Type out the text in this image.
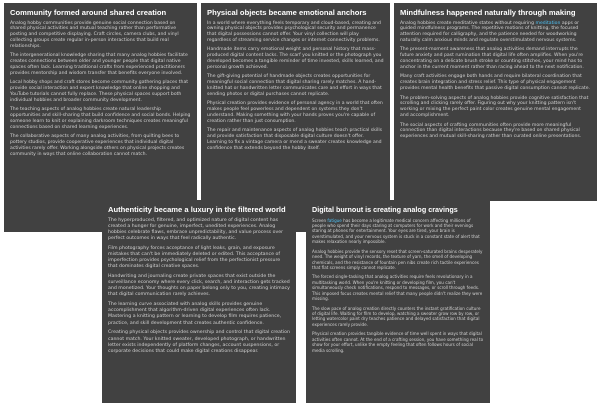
Community formed around shared creation

Analog hobby communities provide genuine social connection based on shared physical activities and mutual teaching rather than performative posting and competitive displaying. Craft circles, camera clubs, and vinyl collecting groups create regular in-person interactions that build real relationships.

The intergenerational knowledge sharing that many analog hobbies facilitate creates connections between older and younger people that digital native spaces often lack. Learning traditional crafts from experienced practitioners provides mentorship and wisdom transfer that benefits everyone involved.

Local hobby shops and craft stores become community gathering places that provide social interaction and expert knowledge that online shopping and YouTube tutorials cannot fully replace. These physical spaces support both individual hobbies and broader community development.

The teaching aspects of analog hobbies create natural leadership opportunities and skill-sharing that build confidence and social bonds. Helping someone learn to knit or explaining darkroom techniques creates meaningful connections based on shared learning experiences.

The collaborative aspects of many analog activities, from quilting bees to pottery studios, provide cooperative experiences that individual digital activities rarely offer. Working alongside others on physical projects creates community in ways that online collaboration cannot match.

Physical objects became emotional anchors

In a world where everything feels temporary and cloud-based, creating and owning physical objects provides psychological security and permanence that digital possessions cannot offer. Your vinyl collection will play regardless of streaming service changes or internet connectivity problems.

Handmade items carry emotional weight and personal history that mass-produced digital content lacks. The scarf you knitted or the photograph you developed becomes a tangible reminder of time invested, skills learned, and personal growth achieved.

The gift-giving potential of handmade objects creates opportunities for meaningful social connection that digital sharing rarely matches. A hand-knitted hat or handwritten letter communicates care and effort in ways that sending photos or digital purchases cannot replicate.

Physical creation provides evidence of personal agency in a world that often makes people feel powerless and dependent on systems they don't understand. Making something with your hands proves you're capable of creation rather than just consumption.

The repair and maintenance aspects of analog hobbies teach practical skills and provide satisfaction that disposable digital culture doesn't offer. Learning to fix a vintage camera or mend a sweater creates knowledge and confidence that extends beyond the hobby itself.

Mindfulness happened naturally through making

Analog hobbies create meditative states without requiring meditation apps or guided mindfulness programs. The repetitive motions of knitting, the focused attention required for calligraphy, and the patience needed for woodworking naturally calm anxious minds and regulate overstimulated nervous systems.

The present-moment awareness that analog activities demand interrupts the future anxiety and past rumination that digital life often amplifies. When you're concentrating on a delicate brush stroke or counting stitches, your mind has to anchor in the current moment rather than racing ahead to the next notification.

Many craft activities engage both hands and require bilateral coordination that creates brain integration and stress relief. This type of physical engagement provides mental health benefits that passive digital consumption cannot replicate.

The problem-solving aspects of analog hobbies provide cognitive satisfaction that scrolling and clicking rarely offer. Figuring out why your knitting pattern isn't working or mixing the perfect paint color creates genuine mental engagement and accomplishment.

The social aspects of crafting communities often provide more meaningful connection than digital interactions because they're based on shared physical experiences and mutual skill-sharing rather than curated online presentations.

Authenticity became a luxury in the filtered world

The hyperproduced, filtered, and optimized nature of digital content has created a hunger for genuine, imperfect, unedited experiences. Analog hobbies celebrate flaws, embrace unpredictability, and value process over perfect outcomes in ways that feel radically authentic.

Film photography forces acceptance of light leaks, grain, and exposure mistakes that can't be immediately deleted or edited. This acceptance of imperfection provides psychological relief from the perfectionist pressure that dominates digital creative spaces.

Handwriting and journaling create private spaces that exist outside the surveillance economy where every click, search, and interaction gets tracked and monetized. Your thoughts on paper belong only to you, creating intimacy that digital communication rarely achieves.

The learning curve associated with analog skills provides genuine accomplishment that algorithm-driven digital experiences often lack. Mastering a knitting pattern or learning to develop film requires patience, practice, and skill development that creates authentic confidence.

Creating physical objects provides ownership and control that digital creation cannot match. Your knitted sweater, developed photograph, or handwritten letter exists independently of platform changes, account suspensions, or corporate decisions that could make digital creations disappear.

Digital burnout is creating analog cravings

Screen fatigue has become a legitimate medical concern affecting millions of people who spend their days staring at computers for work and their evenings staring at phones for entertainment. Your eyes are tired, your brain is overstimulated, and your nervous system is stuck in a constant state of alert that makes relaxation nearly impossible.

Analog hobbies provide the sensory reset that screen-saturated brains desperately need. The weight of vinyl records, the texture of yarn, the smell of developing chemicals, and the resistance of fountain pen nibs create rich tactile experiences that flat screens simply cannot replicate.

The forced single-tasking that analog activities require feels revolutionary in a multitasking world. When you're knitting or developing film, you can't simultaneously check notifications, respond to messages, or scroll through feeds. This imposed focus creates mental relief that many people didn't realize they were missing.

The slow pace of analog creation directly counters the instant gratification culture of digital life. Waiting for film to develop, watching a sweater grow row by row, or letting watercolor paint dry teaches patience and delayed satisfaction that digital experiences rarely provide.

Physical creation provides tangible evidence of time well spent in ways that digital activities often cannot. At the end of a crafting session, you have something real to show for your effort, unlike the empty feeling that often follows hours of social media scrolling.
